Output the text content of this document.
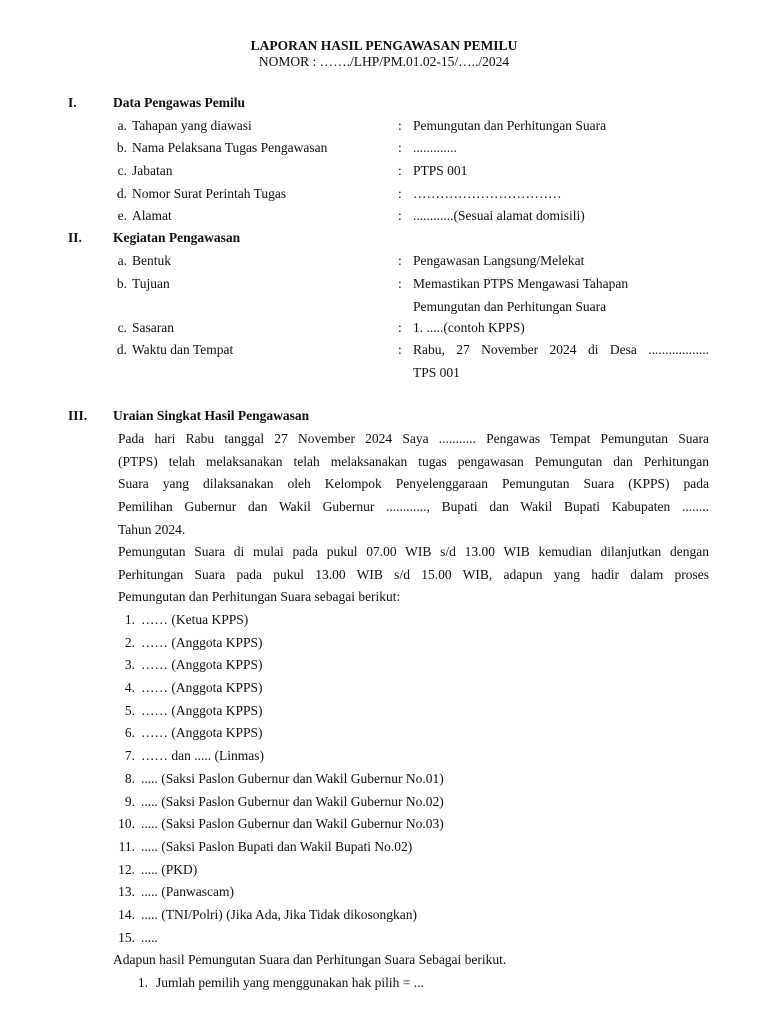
LAPORAN HASIL PENGAWASAN PEMILU
NOMOR : ……./LHP/PM.01.02-15/…../2024
I.	Data Pengawas Pemilu
a. Tahapan yang diawasi	: Pemungutan dan Perhitungan Suara
b. Nama Pelaksana Tugas Pengawasan	: .............
c. Jabatan	: PTPS 001
d. Nomor Surat Perintah Tugas	: ……………………………
e. Alamat	: ............(Sesuai alamat domisili)
II. Kegiatan Pengawasan
a. Bentuk	: Pengawasan Langsung/Melekat
b. Tujuan	: Memastikan PTPS Mengawasi Tahapan
Pemungutan dan Perhitungan Suara
c. Sasaran	: 1. .....(contoh KPPS)
d. Waktu dan Tempat	: Rabu, 27 November 2024 di Desa ..................
TPS 001
III. Uraian Singkat Hasil Pengawasan
Pada hari Rabu tanggal 27 November 2024 Saya ........... Pengawas Tempat Pemungutan Suara
(PTPS) telah melaksanakan telah melaksanakan tugas pengawasan Pemungutan dan Perhitungan
Suara yang dilaksanakan oleh Kelompok Penyelenggaraan Pemungutan Suara (KPPS) pada
Pemilihan Gubernur dan Wakil Gubernur ............, Bupati dan Wakil Bupati Kabupaten ........
Tahun 2024.
Pemungutan Suara di mulai pada pukul 07.00 WIB s/d 13.00 WIB kemudian dilanjutkan dengan
Perhitungan Suara pada pukul 13.00 WIB s/d 15.00 WIB, adapun yang hadir dalam proses
Pemungutan dan Perhitungan Suara sebagai berikut:
1. …… (Ketua KPPS)
2. …… (Anggota KPPS)
3. …… (Anggota KPPS)
4. …… (Anggota KPPS)
5. …… (Anggota KPPS)
6. …… (Anggota KPPS)
7. …… dan ..... (Linmas)
8. ..... (Saksi Paslon Gubernur dan Wakil Gubernur No.01)
9. ..... (Saksi Paslon Gubernur dan Wakil Gubernur No.02)
10. ..... (Saksi Paslon Gubernur dan Wakil Gubernur No.03)
11. ..... (Saksi Paslon Bupati dan Wakil Bupati No.02)
12. ..... (PKD)
13. ..... (Panwascam)
14. ..... (TNI/Polri) (Jika Ada, Jika Tidak dikosongkan)
15. .....
Adapun hasil Pemungutan Suara dan Perhitungan Suara Sebagai berikut.
1. Jumlah pemilih yang menggunakan hak pilih = ...
